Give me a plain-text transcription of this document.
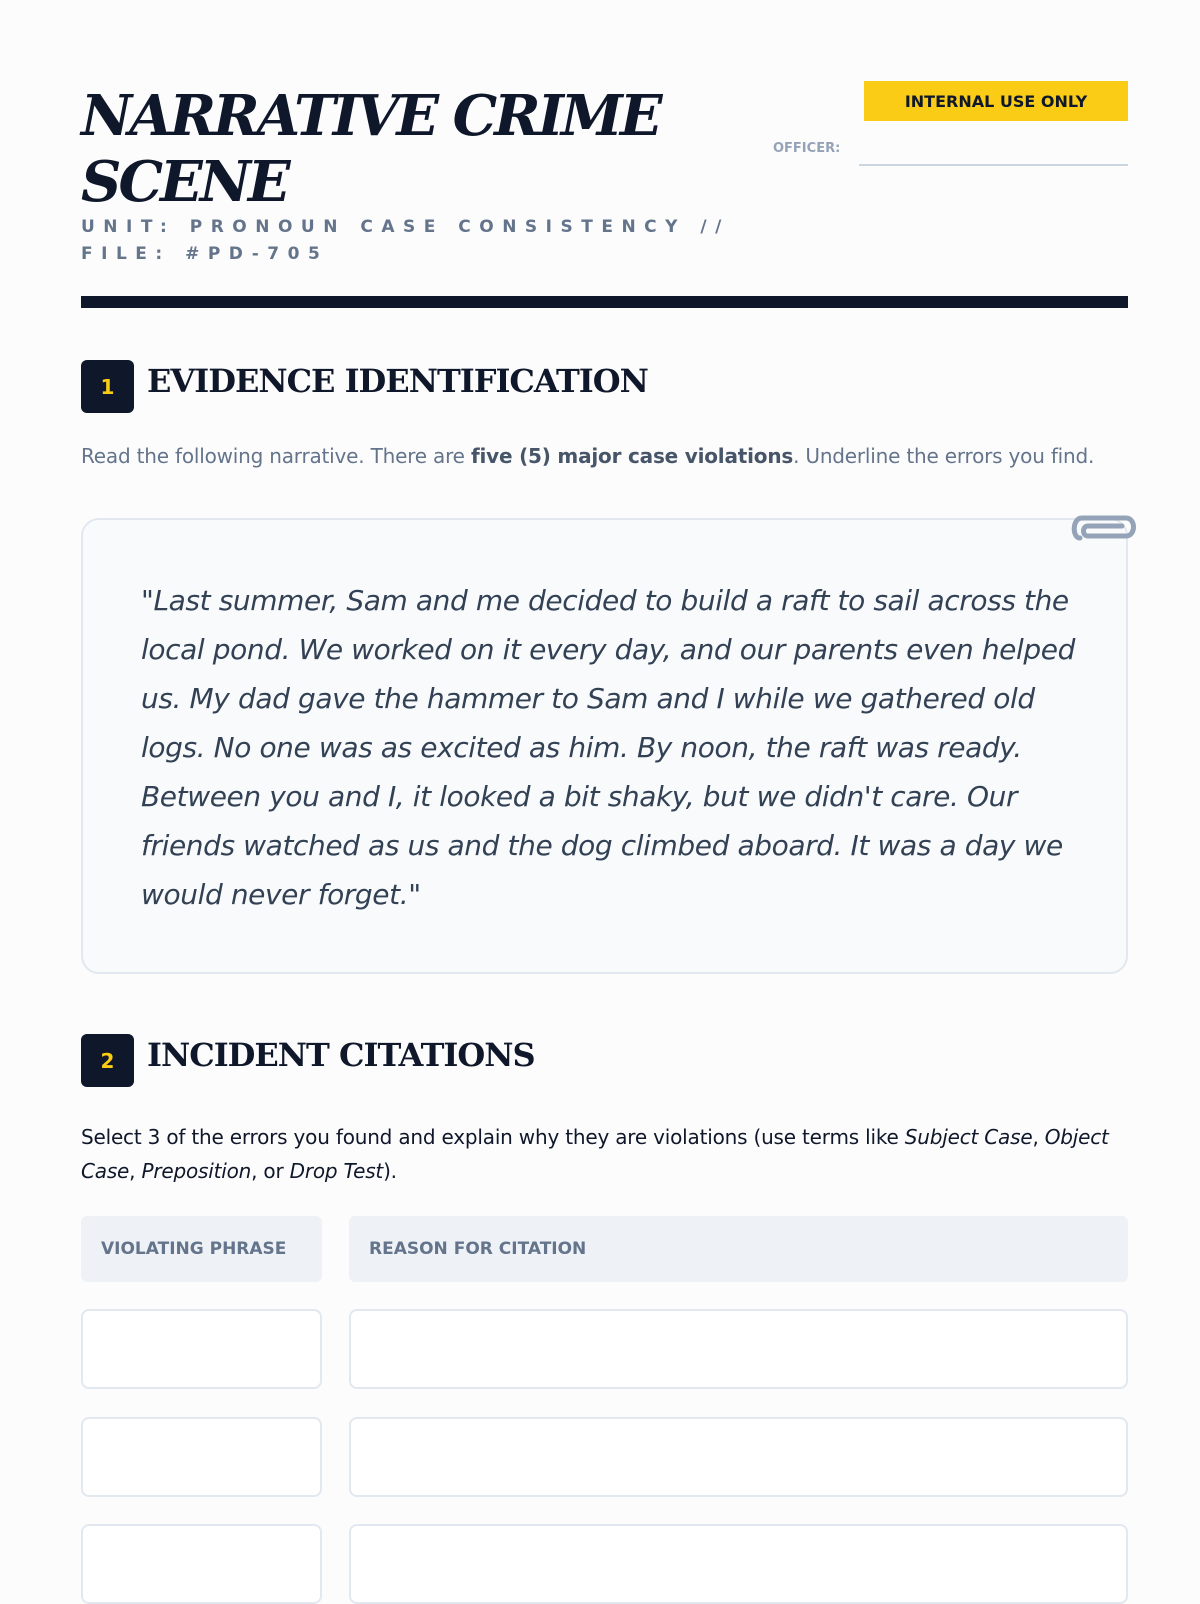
NARRATIVE CRIME SCENE
UNIT: PRONOUN CASE CONSISTENCY // FILE: #PD-705
INTERNAL USE ONLY
OFFICER:
1	EVIDENCE IDENTIFICATION
Read the following narrative. There are five (5) major case violations. Underline the errors you find.

"Last summer, Sam and me decided to build a raft to sail across the local pond. We worked on it every day, and our parents even helped us. My dad gave the hammer to Sam and I while we gathered old logs. No one was as excited as him. By noon, the raft was ready. Between you and I, it looked a bit shaky, but we didn't care. Our friends watched as us and the dog climbed aboard. It was a day we would never forget."

2	INCIDENT CITATIONS

Select 3 of the errors you found and explain why they are violations (use terms like Subject Case, Object Case, Preposition, or Drop Test).

VIOLATING PHRASE	REASON FOR CITATION
